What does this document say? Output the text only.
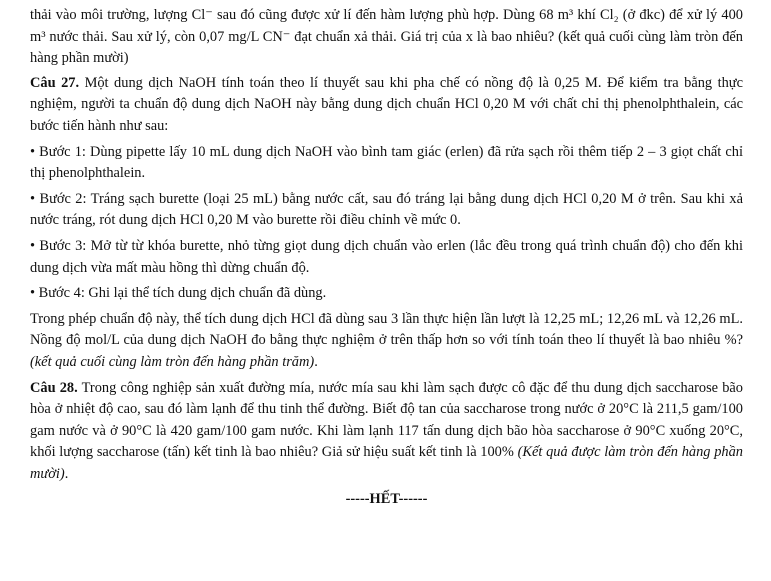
thải vào môi trường, lượng Cl⁻ sau đó cũng được xử lí đến hàm lượng phù hợp. Dùng 68 m³ khí Cl₂ (ở đkc) để xử lý 400 m³ nước thải. Sau xử lý, còn 0,07 mg/L CN⁻ đạt chuẩn xả thải. Giá trị của x là bao nhiêu? (kết quả cuối cùng làm tròn đến hàng phần mười)

Câu 27. Một dung dịch NaOH tính toán theo lí thuyết sau khi pha chế có nồng độ là 0,25 M. Để kiểm tra bằng thực nghiệm, người ta chuẩn độ dung dịch NaOH này bằng dung dịch chuẩn HCl 0,20 M với chất chỉ thị phenolphthalein, các bước tiến hành như sau:

• Bước 1: Dùng pipette lấy 10 mL dung dịch NaOH vào bình tam giác (erlen) đã rửa sạch rồi thêm tiếp 2 – 3 giọt chất chỉ thị phenolphthalein.

• Bước 2: Tráng sạch burette (loại 25 mL) bằng nước cất, sau đó tráng lại bằng dung dịch HCl 0,20 M ở trên. Sau khi xả nước tráng, rót dung dịch HCl 0,20 M vào burette rồi điều chỉnh về mức 0.

• Bước 3: Mở từ từ khóa burette, nhỏ từng giọt dung dịch chuẩn vào erlen (lắc đều trong quá trình chuẩn độ) cho đến khi dung dịch vừa mất màu hồng thì dừng chuẩn độ.

• Bước 4: Ghi lại thể tích dung dịch chuẩn đã dùng.

Trong phép chuẩn độ này, thể tích dung dịch HCl đã dùng sau 3 lần thực hiện lần lượt là 12,25 mL; 12,26 mL và 12,26 mL. Nồng độ mol/L của dung dịch NaOH đo bằng thực nghiệm ở trên thấp hơn so với tính toán theo lí thuyết là bao nhiêu %? (kết quả cuối cùng làm tròn đến hàng phần trăm).

Câu 28. Trong công nghiệp sản xuất đường mía, nước mía sau khi làm sạch được cô đặc để thu dung dịch saccharose bão hòa ở nhiệt độ cao, sau đó làm lạnh để thu tinh thể đường. Biết độ tan của saccharose trong nước ở 20°C là 211,5 gam/100 gam nước và ở 90°C là 420 gam/100 gam nước. Khi làm lạnh 117 tấn dung dịch bão hòa saccharose ở 90°C xuống 20°C, khối lượng saccharose (tấn) kết tinh là bao nhiêu? Giả sử hiệu suất kết tinh là 100% (Kết quả được làm tròn đến hàng phần mười).

-----HẾT------
